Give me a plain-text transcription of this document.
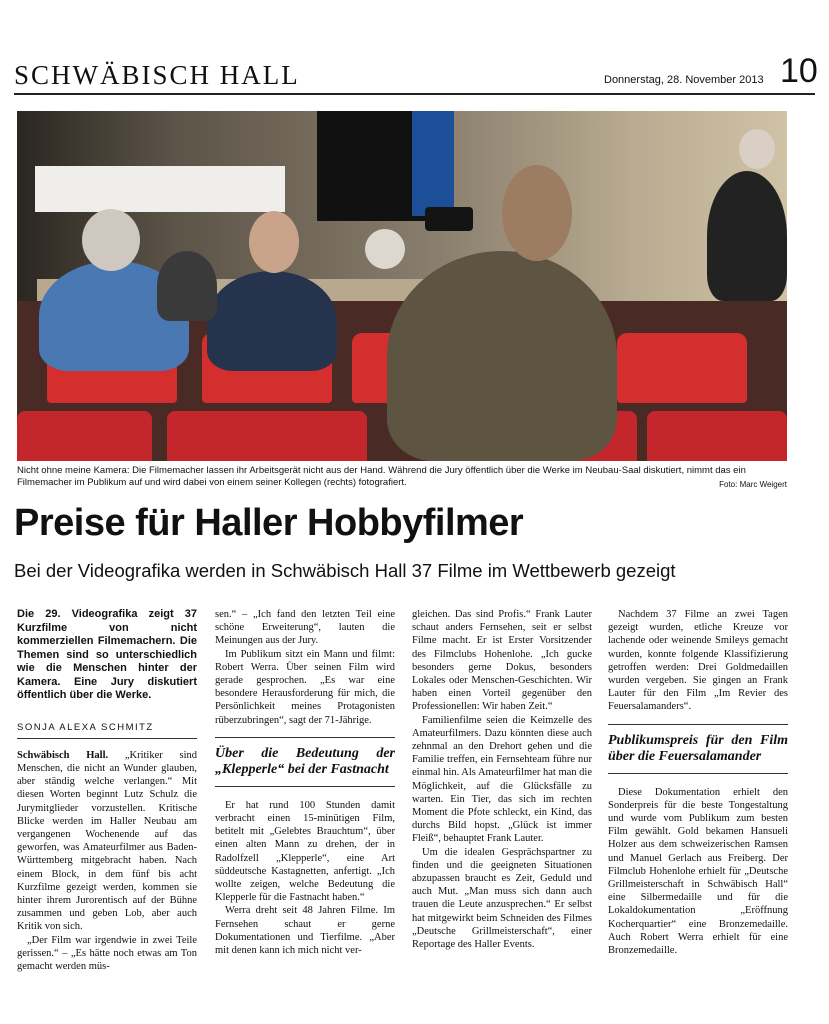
SCHWÄBISCH HALL	Donnerstag, 28. November 2013 10
Nicht ohne meine Kamera: Die Filmemacher lassen ihr Arbeitsgerät nicht aus der Hand. Während die Jury öffentlich über die Werke im Neubau-Saal diskutiert, nimmt das ein Filmemacher im Publikum auf und wird dabei von einem seiner Kollegen (rechts) fotografiert.	Foto: Marc Weigert
Preise für Haller Hobbyfilmer
Bei der Videografika werden in Schwäbisch Hall 37 Filme im Wettbewerb gezeigt
Die 29. Videografika zeigt 37 Kurzfilme von nicht kommerziellen Filmemachern. Die Themen sind so unterschiedlich wie die Menschen hinter der Kamera. Eine Jury diskutiert öffentlich über die Werke.
SONJA ALEXA SCHMITZ

Schwäbisch Hall. „Kritiker sind Menschen, die nicht an Wunder glauben, aber ständig welche verlangen.“ Mit diesen Worten beginnt Lutz Schulz die Jurymitglieder vorzustellen. Kritische Blicke werden im Haller Neubau am vergangenen Wochenende auf das geworfen, was Amateurfilmer aus Baden-Württemberg mitgebracht haben. Nach einem Block, in dem fünf bis acht Kurzfilme gezeigt werden, kommen sie hinter ihrem Jurorentisch auf der Bühne zusammen und geben Lob, aber auch Kritik von sich.

„Der Film war irgendwie in zwei Teile gerissen.“ – „Es hätte noch etwas am Ton gemacht werden müs-

sen.“ – „Ich fand den letzten Teil eine schöne Erweiterung“, lauten die Meinungen aus der Jury.

Im Publikum sitzt ein Mann und filmt: Robert Werra. Über seinen Film wird gerade gesprochen. „Es war eine besondere Herausforderung für mich, die Persönlichkeit meines Protagonisten rüberzubringen“, sagt der 71-Jährige.

Über die Bedeutung der „Klepperle“ bei der Fastnacht

Er hat rund 100 Stunden damit verbracht einen 15-minütigen Film, betitelt mit „Gelebtes Brauchtum“, über einen alten Mann zu drehen, der in Radolfzell „Klepperle“, eine Art süddeutsche Kastagnetten, anfertigt. „Ich wollte zeigen, welche Bedeutung die Klepperle für die Fastnacht haben.“

Werra dreht seit 48 Jahren Filme. Im Fernsehen schaut er gerne Dokumentationen und Tierfilme. „Aber mit denen kann ich mich nicht ver-

gleichen. Das sind Profis.“ Frank Lauter schaut anders Fernsehen, seit er selbst Filme macht. Er ist Erster Vorsitzender des Filmclubs Hohenlohe. „Ich gucke besonders gerne Dokus, besonders Lokales oder Menschen-Geschichten. Wir haben einen Vorteil gegenüber den Professionellen: Wir haben Zeit.“

Familienfilme seien die Keimzelle des Amateurfilmers. Dazu könnten diese auch zehnmal an den Drehort gehen und die Familie treffen, ein Fernsehteam führe nur einmal hin. Als Amateurfilmer hat man die Möglichkeit, auf die Glücksfälle zu warten. Ein Tier, das sich im rechten Moment die Pfote schleckt, ein Kind, das durchs Bild hopst. „Glück ist immer Fleiß“, behauptet Frank Lauter.

Um die idealen Gesprächspartner zu finden und die geeigneten Situationen abzupassen braucht es Zeit, Geduld und auch Mut. „Man muss sich dann auch trauen die Leute anzusprechen.“ Er selbst hat mitgewirkt beim Schneiden des Filmes „Deutsche Grillmeisterschaft“, einer Reportage des Haller Events.

Nachdem 37 Filme an zwei Tagen gezeigt wurden, etliche Kreuze vor lachende oder weinende Smileys gemacht wurden, konnte folgende Klassifizierung getroffen werden: Drei Goldmedaillen wurden vergeben. Sie gingen an Frank Lauter für den Film „Im Revier des Feuersalamanders“.

Publikumspreis für den Film über die Feuersalamander

Diese Dokumentation erhielt den Sonderpreis für die beste Tongestaltung und wurde vom Publikum zum besten Film gewählt. Gold bekamen Hansueli Holzer aus dem schweizerischen Ramsen und Manuel Gerlach aus Freiberg. Der Filmclub Hohenlohe erhielt für „Deutsche Grillmeisterschaft in Schwäbisch Hall“ eine Silbermedaille und für die Lokaldokumentation „Eröffnung Kocherquartier“ eine Bronzemedaille. Auch Robert Werra erhielt für eine Bronzemedaille.
